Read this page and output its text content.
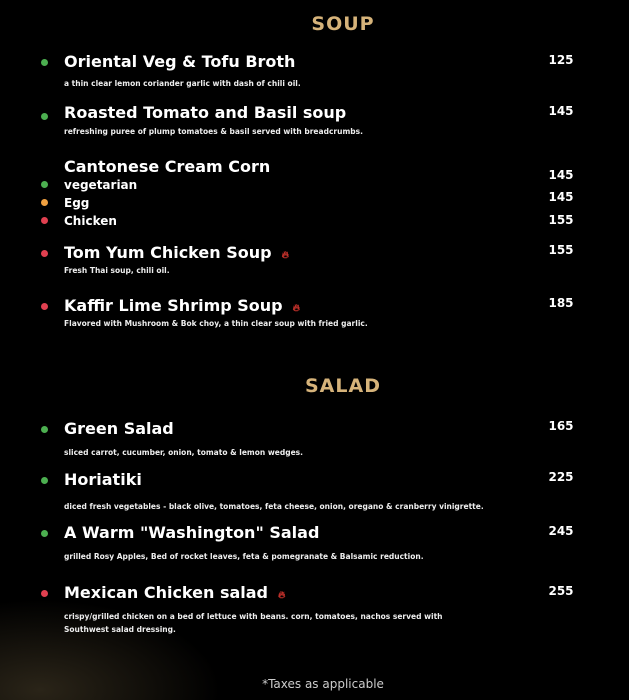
SOUP
Oriental Veg & Tofu Broth
a thin clear lemon coriander garlic with dash of chili oil.
125
Roasted Tomato and Basil soup
refreshing puree of plump tomatoes & basil served with breadcrumbs.
145
Cantonese Cream Corn
vegetarian
145
Egg	145
Chicken	155
Tom Yum Chicken Soup 🔥︎
Fresh Thai soup, chili oil.
155
Kaffir Lime Shrimp Soup 🔥︎
Flavored with Mushroom & Bok choy, a thin clear soup with fried garlic.
185
SALAD
Green Salad
sliced carrot, cucumber, onion, tomato & lemon wedges.
165
Horiatiki
diced fresh vegetables - black olive, tomatoes, feta cheese, onion, oregano & cranberry vinigrette.
225
A Warm "Washington" Salad
grilled Rosy Apples, Bed of rocket leaves, feta & pomegranate & Balsamic reduction.
245
Mexican Chicken salad 🔥︎
crispy/grilled chicken on a bed of lettuce with beans. corn, tomatoes, nachos served with Southwest salad dressing.
255
*Taxes as applicable
